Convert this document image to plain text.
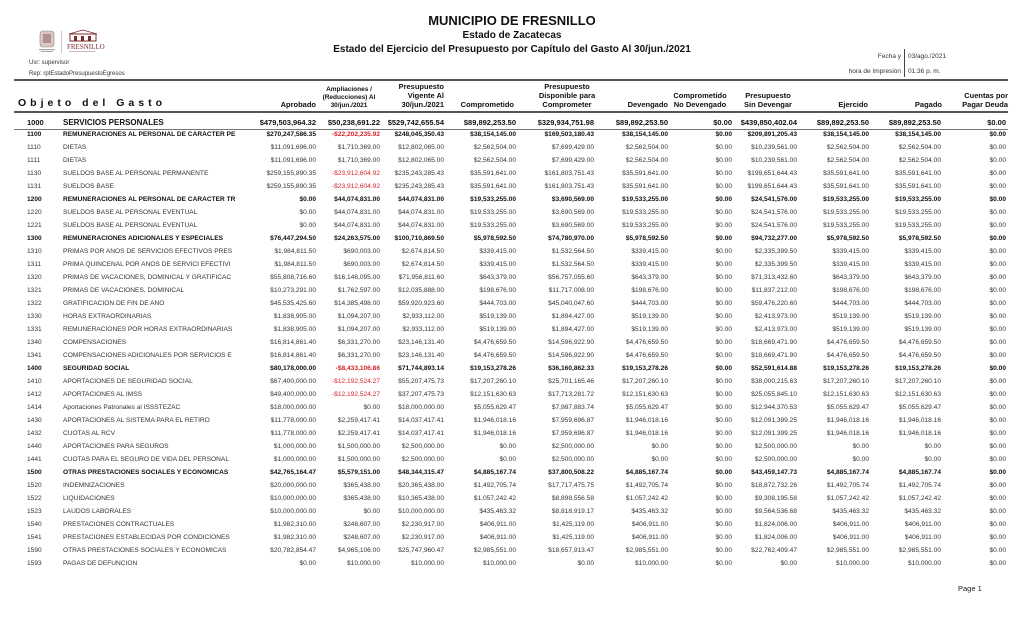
MUNICIPIO DE FRESNILLO
Estado de Zacatecas
Estado del Ejercicio del Presupuesto por Capítulo del Gasto Al 30/jun./2021
FRESNILLO
Usr: supervisor
Rep: rptEstadoPresupuestoEgresos
Fecha y
hora de Impresión
03/ago./2021
01:36 p. m.
Objeto del Gasto	Aprobado
Ampliaciones /
(Reducciones) Al
30/jun./2021
Presupuesto
Vigente Al
30/jun./2021	Comprometido
Presupuesto
Disponible para
Comprometer	Devengado
Comprometido
No Devengado
Presupuesto
Sin Devengar	Ejercido	Pagado
Cuentas por
Pagar Deuda
1000 SERVICIOS PERSONALES	$479,503,964.32 $50,238,691.22 $529,742,655.54	$89,892,253.50	$329,934,751.98	$89,892,253.50	$0.00 $439,850,402.04	$89,892,253.50	$89,892,253.50	$0.00
1100	REMUNERACIONES AL PERSONAL DE CARÁCTER PE	$270,247,586.35 -$22,202,235.92 $248,045,350.43	$38,154,145.00	$169,503,180.43	$38,154,145.00	$0.00 $209,891,205.43	$38,154,145.00	$38,154,145.00	$0.00
1110	DIETAS	$11,091,696.00	$1,710,369.00	$12,802,065.00	$2,562,504.00	$7,699,429.00	$2,562,504.00	$0.00	$10,239,561.00	$2,562,504.00	$2,562,504.00	$0.00
1111	DIETAS	$11,091,696.00	$1,710,369.00	$12,802,065.00	$2,562,504.00	$7,699,429.00	$2,562,504.00	$0.00	$10,239,561.00	$2,562,504.00	$2,562,504.00	$0.00
1130	SUELDOS BASE AL PERSONAL PERMANENTE	$259,155,890.35 -$23,912,604.92 $235,243,285.43	$35,591,641.00	$161,803,751.43	$35,591,641.00	$0.00 $199,651,644.43	$35,591,641.00	$35,591,641.00	$0.00
1131	SUELDOS BASE	$259,155,890.35 -$23,912,604.92 $235,243,285.43	$35,591,641.00	$161,803,751.43	$35,591,641.00	$0.00 $199,651,644.43	$35,591,641.00	$35,591,641.00	$0.00
1200	REMUNERACIONES AL PERSONAL DE CARÁCTER TR	$0.00	$44,074,831.00	$44,074,831.00	$19,533,255.00	$3,690,569.00	$19,533,255.00	$0.00	$24,541,576.00	$19,533,255.00	$19,533,255.00	$0.00
1220	SUELDOS BASE AL PERSONAL EVENTUAL	$0.00	$44,074,831.00	$44,074,831.00	$19,533,255.00	$3,690,569.00	$19,533,255.00	$0.00	$24,541,576.00	$19,533,255.00	$19,533,255.00	$0.00
1221	SUELDOS BASE AL PERSONAL EVENTUAL	$0.00	$44,074,831.00	$44,074,831.00	$19,533,255.00	$3,690,569.00	$19,533,255.00	$0.00	$24,541,576.00	$19,533,255.00	$19,533,255.00	$0.00
1300	REMUNERACIONES ADICIONALES Y ESPECIALES	$76,447,294.50	$24,263,575.00 $100,710,869.50	$5,978,592.50	$74,780,970.00	$5,978,592.50	$0.00	$94,732,277.00	$5,978,592.50	$5,978,592.50	$0.00
1310	PRIMAS POR AÑOS DE SERVICIOS EFECTIVOS PRES	$1,984,811.50	$690,003.00	$2,674,814.50	$339,415.00	$1,532,564.50	$339,415.00	$0.00	$2,335,399.50	$339,415.00	$339,415.00	$0.00
1311	PRIMA QUINCENAL POR AÑOS DE SERVICI EFECTIVI	$1,984,811.50	$690,003.00	$2,674,814.50	$339,415.00	$1,532,564.50	$339,415.00	$0.00	$2,335,399.50	$339,415.00	$339,415.00	$0.00
1320	PRIMAS DE VACACIONES, DOMINICAL Y GRATIFICAC	$55,808,716.60	$16,148,095.00	$71,956,811.60	$643,379.00	$56,757,055.60	$643,379.00	$0.00	$71,313,432.60	$643,379.00	$643,379.00	$0.00
1321	PRIMAS DE VACACIONES, DOMINICAL	$10,273,291.00	$1,762,597.00	$12,035,888.00	$198,676.00	$11,717,008.00	$198,676.00	$0.00	$11,837,212.00	$198,676.00	$198,676.00	$0.00
1322	GRATIFICACIÓN DE FIN DE AÑO	$45,535,425.60	$14,385,498.00	$59,920,923.60	$444,703.00	$45,040,047.60	$444,703.00	$0.00	$59,476,220.60	$444,703.00	$444,703.00	$0.00
1330	HORAS EXTRAORDINARIAS	$1,838,905.00	$1,094,207.00	$2,933,112.00	$519,139.00	$1,894,427.00	$519,139.00	$0.00	$2,413,973.00	$519,139.00	$519,139.00	$0.00
1331	REMUNERACIONES POR HORAS EXTRAORDINARIAS	$1,838,905.00	$1,094,207.00	$2,933,112.00	$519,139.00	$1,894,427.00	$519,139.00	$0.00	$2,413,973.00	$519,139.00	$519,139.00	$0.00
1340	COMPENSACIONES	$16,814,861.40	$6,331,270.00	$23,146,131.40	$4,476,659.50	$14,596,922.90	$4,476,659.50	$0.00	$18,669,471.90	$4,476,659.50	$4,476,659.50	$0.00
1341	COMPENSACIONES ADICIONALES POR SERVICIOS E	$16,814,861.40	$6,331,270.00	$23,146,131.40	$4,476,659.50	$14,596,922.90	$4,476,659.50	$0.00	$18,669,471.90	$4,476,659.50	$4,476,659.50	$0.00
1400	SEGURIDAD SOCIAL	$80,178,000.00	-$8,433,106.86	$71,744,893.14	$19,153,278.26	$36,160,862.33	$19,153,278.26	$0.00	$52,591,614.88	$19,153,278.26	$19,153,278.26	$0.00
1410	APORTACIONES DE SEGURIDAD SOCIAL	$67,400,000.00 -$12,192,524.27	$55,207,475.73	$17,207,260.10	$25,701,165.46	$17,207,260.10	$0.00	$38,000,215.63	$17,207,260.10	$17,207,260.10	$0.00
1412	APORTACIONES AL IMSS	$49,400,000.00 -$12,192,524.27	$37,207,475.73	$12,151,630.63	$17,713,281.72	$12,151,630.63	$0.00	$25,055,845.10	$12,151,630.63	$12,151,630.63	$0.00
1414	Aportaciones Patronales al ISSSTEZAC	$18,000,000.00	$0.00	$18,000,000.00	$5,055,629.47	$7,987,883.74	$5,055,629.47	$0.00	$12,944,370.53	$5,055,629.47	$5,055,629.47	$0.00
1430	APORTACIONES AL SISTEMA PARA EL RETIRO	$11,778,000.00	$2,259,417.41	$14,037,417.41	$1,946,018.16	$7,959,696.87	$1,946,018.16	$0.00	$12,091,399.25	$1,946,018.16	$1,946,018.16	$0.00
1432	CUOTAS AL RCV	$11,778,000.00	$2,259,417.41	$14,037,417.41	$1,946,018.16	$7,959,696.87	$1,946,018.16	$0.00	$12,091,399.25	$1,946,018.16	$1,946,018.16	$0.00
1440	APORTACIONES PARA SEGUROS	$1,000,000.00	$1,500,000.00	$2,500,000.00	$0.00	$2,500,000.00	$0.00	$0.00	$2,500,000.00	$0.00	$0.00	$0.00
1441	CUOTAS PARA EL SEGURO DE VIDA DEL PERSONAL	$1,000,000.00	$1,500,000.00	$2,500,000.00	$0.00	$2,500,000.00	$0.00	$0.00	$2,500,000.00	$0.00	$0.00	$0.00
1500	OTRAS PRESTACIONES SOCIALES Y ECONÓMICAS	$42,765,164.47	$5,579,151.00	$48,344,315.47	$4,885,167.74	$37,800,508.22	$4,885,167.74	$0.00	$43,459,147.73	$4,885,167.74	$4,885,167.74	$0.00
1520	INDEMNIZACIONES	$20,000,000.00	$365,438.00	$20,365,438.00	$1,492,705.74	$17,717,475.75	$1,492,705.74	$0.00	$18,872,732.26	$1,492,705.74	$1,492,705.74	$0.00
1522	LIQUIDACIONES	$10,000,000.00	$365,438.00	$10,365,438.00	$1,057,242.42	$8,898,556.58	$1,057,242.42	$0.00	$9,308,195.58	$1,057,242.42	$1,057,242.42	$0.00
1523	LAUDOS LABORALES	$10,000,000.00	$0.00	$10,000,000.00	$435,463.32	$8,818,919.17	$435,463.32	$0.00	$9,564,536.68	$435,463.32	$435,463.32	$0.00
1540	PRESTACIONES CONTRACTUALES	$1,982,310.00	$248,607.00	$2,230,917.00	$406,911.00	$1,425,119.00	$406,911.00	$0.00	$1,824,006.00	$406,911.00	$406,911.00	$0.00
1541	PRESTACIONES ESTABLECIDAS POR CONDICIONES	$1,982,310.00	$248,607.00	$2,230,917.00	$406,911.00	$1,425,119.00	$406,911.00	$0.00	$1,824,006.00	$406,911.00	$406,911.00	$0.00
1590	OTRAS PRESTACIONES SOCIALES Y ECONÓMICAS	$20,782,854.47	$4,965,106.00	$25,747,960.47	$2,985,551.00	$18,657,913.47	$2,985,551.00	$0.00	$22,762,409.47	$2,985,551.00	$2,985,551.00	$0.00
1593	PAGAS DE DEFUNCIÓN	$0.00	$10,000.00	$10,000.00	$10,000.00	$0.00	$10,000.00	$0.00	$0.00	$10,000.00	$10,000.00	$0.00
Page 1
